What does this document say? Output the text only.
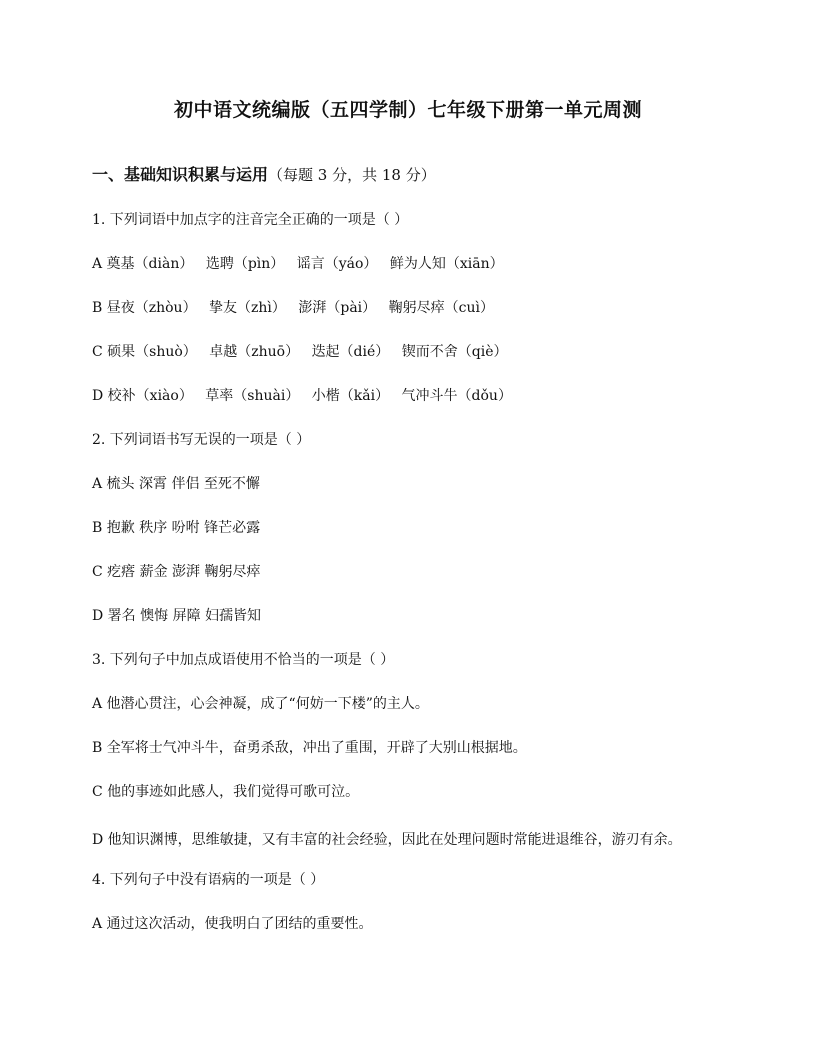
初中语文统编版（五四学制）七年级下册第一单元周测
一、基础知识积累与运用（每题 3 分，共 18 分）
1. 下列词语中加点字的注音完全正确的一项是（ ）
A 奠基（diàn） 选聘（pìn） 谣言（yáo） 鲜为人知（xiān）
B 昼夜（zhòu） 挚友（zhì） 澎湃（pài） 鞠躬尽瘁（cuì）
C 硕果（shuò） 卓越（zhuō） 迭起（dié） 锲而不舍（qiè）
D 校补（xiào） 草率（shuài） 小楷（kǎi） 气冲斗牛（dǒu）
2. 下列词语书写无误的一项是（ ）
A 梳头 深霄 伴侣 至死不懈
B 抱歉 秩序 吩咐 锋芒必露
C 疙瘩 薪金 澎湃 鞠躬尽瘁
D 署名 懊悔 屏障 妇孺皆知
3. 下列句子中加点成语使用不恰当的一项是（ ）
A 他潜心贯注，心会神凝，成了“何妨一下楼”的主人。
B 全军将士气冲斗牛，奋勇杀敌，冲出了重围，开辟了大别山根据地。
C 他的事迹如此感人，我们觉得可歌可泣。
D 他知识渊博，思维敏捷，又有丰富的社会经验，因此在处理问题时常能进退维谷，游刃有余。
4. 下列句子中没有语病的一项是（ ）
A 通过这次活动，使我明白了团结的重要性。
